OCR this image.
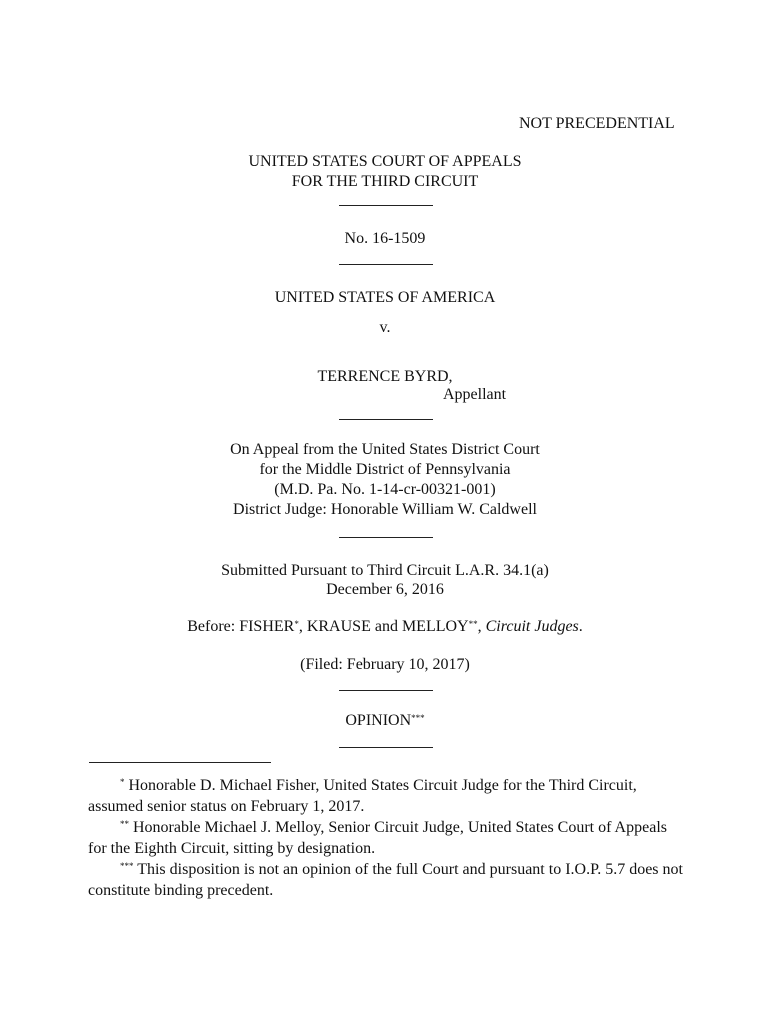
NOT PRECEDENTIAL
UNITED STATES COURT OF APPEALS
FOR THE THIRD CIRCUIT
No. 16-1509
UNITED STATES OF AMERICA
v.
TERRENCE BYRD,
Appellant
On Appeal from the United States District Court
for the Middle District of Pennsylvania
(M.D. Pa. No. 1-14-cr-00321-001)
District Judge: Honorable William W. Caldwell
Submitted Pursuant to Third Circuit L.A.R. 34.1(a)
December 6, 2016
Before: FISHER*, KRAUSE and MELLOY**, Circuit Judges.
(Filed: February 10, 2017)
OPINION***
* Honorable D. Michael Fisher, United States Circuit Judge for the Third Circuit, assumed senior status on February 1, 2017.
** Honorable Michael J. Melloy, Senior Circuit Judge, United States Court of Appeals for the Eighth Circuit, sitting by designation.
*** This disposition is not an opinion of the full Court and pursuant to I.O.P. 5.7 does not constitute binding precedent.
